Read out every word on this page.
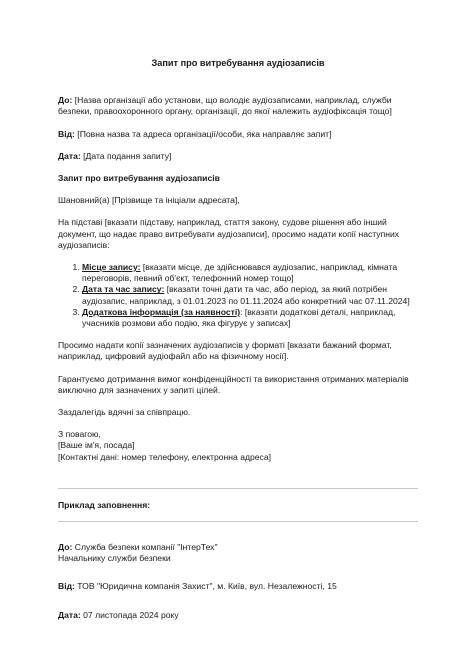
Запит про витребування аудіозаписів

До: [Назва організації або установи, що володіє аудіозаписами, наприклад, служби безпеки, правоохоронного органу, організації, до якої належить аудіофіксація тощо]

Від: [Повна назва та адреса організації/особи, яка направляє запит]

Дата: [Дата подання запиту]

Запит про витребування аудіозаписів

Шановний(а) [Прізвище та ініціали адресата],

На підставі [вказати підставу, наприклад, стаття закону, судове рішення або інший документ, що надає право витребувати аудіозаписи], просимо надати копії наступних аудіозаписів:

1. Місце запису: [вказати місце, де здійснювався аудіозапис, наприклад, кімната переговорів, певний об'єкт, телефонний номер тощо]
2. Дата та час запису: [вказати точні дати та час, або період, за який потрібен аудіозапис, наприклад, з 01.01.2023 по 01.11.2024 або конкретний час 07.11.2024]
3. Додаткова інформація (за наявності): [вказати додаткові деталі, наприклад, учасників розмови або подію, яка фігурує у записах]

Просимо надати копії зазначених аудіозаписів у форматі [вказати бажаний формат, наприклад, цифровий аудіофайл або на фізичному носії].

Гарантуємо дотримання вимог конфіденційності та використання отриманих матеріалів виключно для зазначених у запиті цілей.

Заздалегідь вдячні за співпрацю.

З повагою,

[Ваше ім'я, посада]

[Контактні дані: номер телефону, електронна адреса]

Приклад заповнення:

До: Служба безпеки компанії "ІнтерТех"
Начальнику служби безпеки

Від: ТОВ "Юридична компанія Захист", м. Київ, вул. Незалежності, 15

Дата: 07 листопада 2024 року
